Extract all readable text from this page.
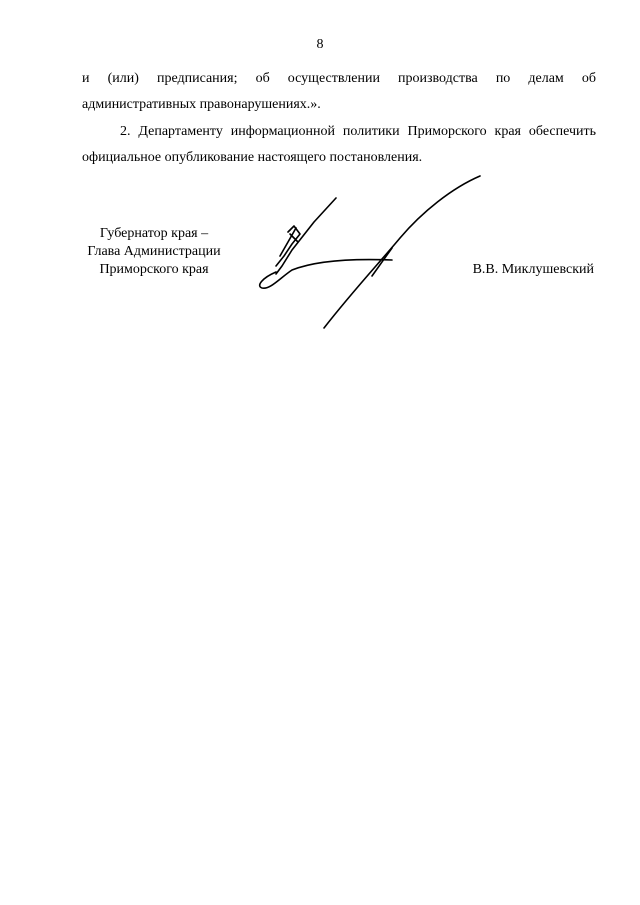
8

и (или) предписания; об осуществлении производства по делам об административных правонарушениях.».

2. Департаменту информационной политики Приморского края обеспечить официальное опубликование настоящего постановления.

Губернатор края –
Глава Администрации
Приморского края	В.В. Миклушевский
